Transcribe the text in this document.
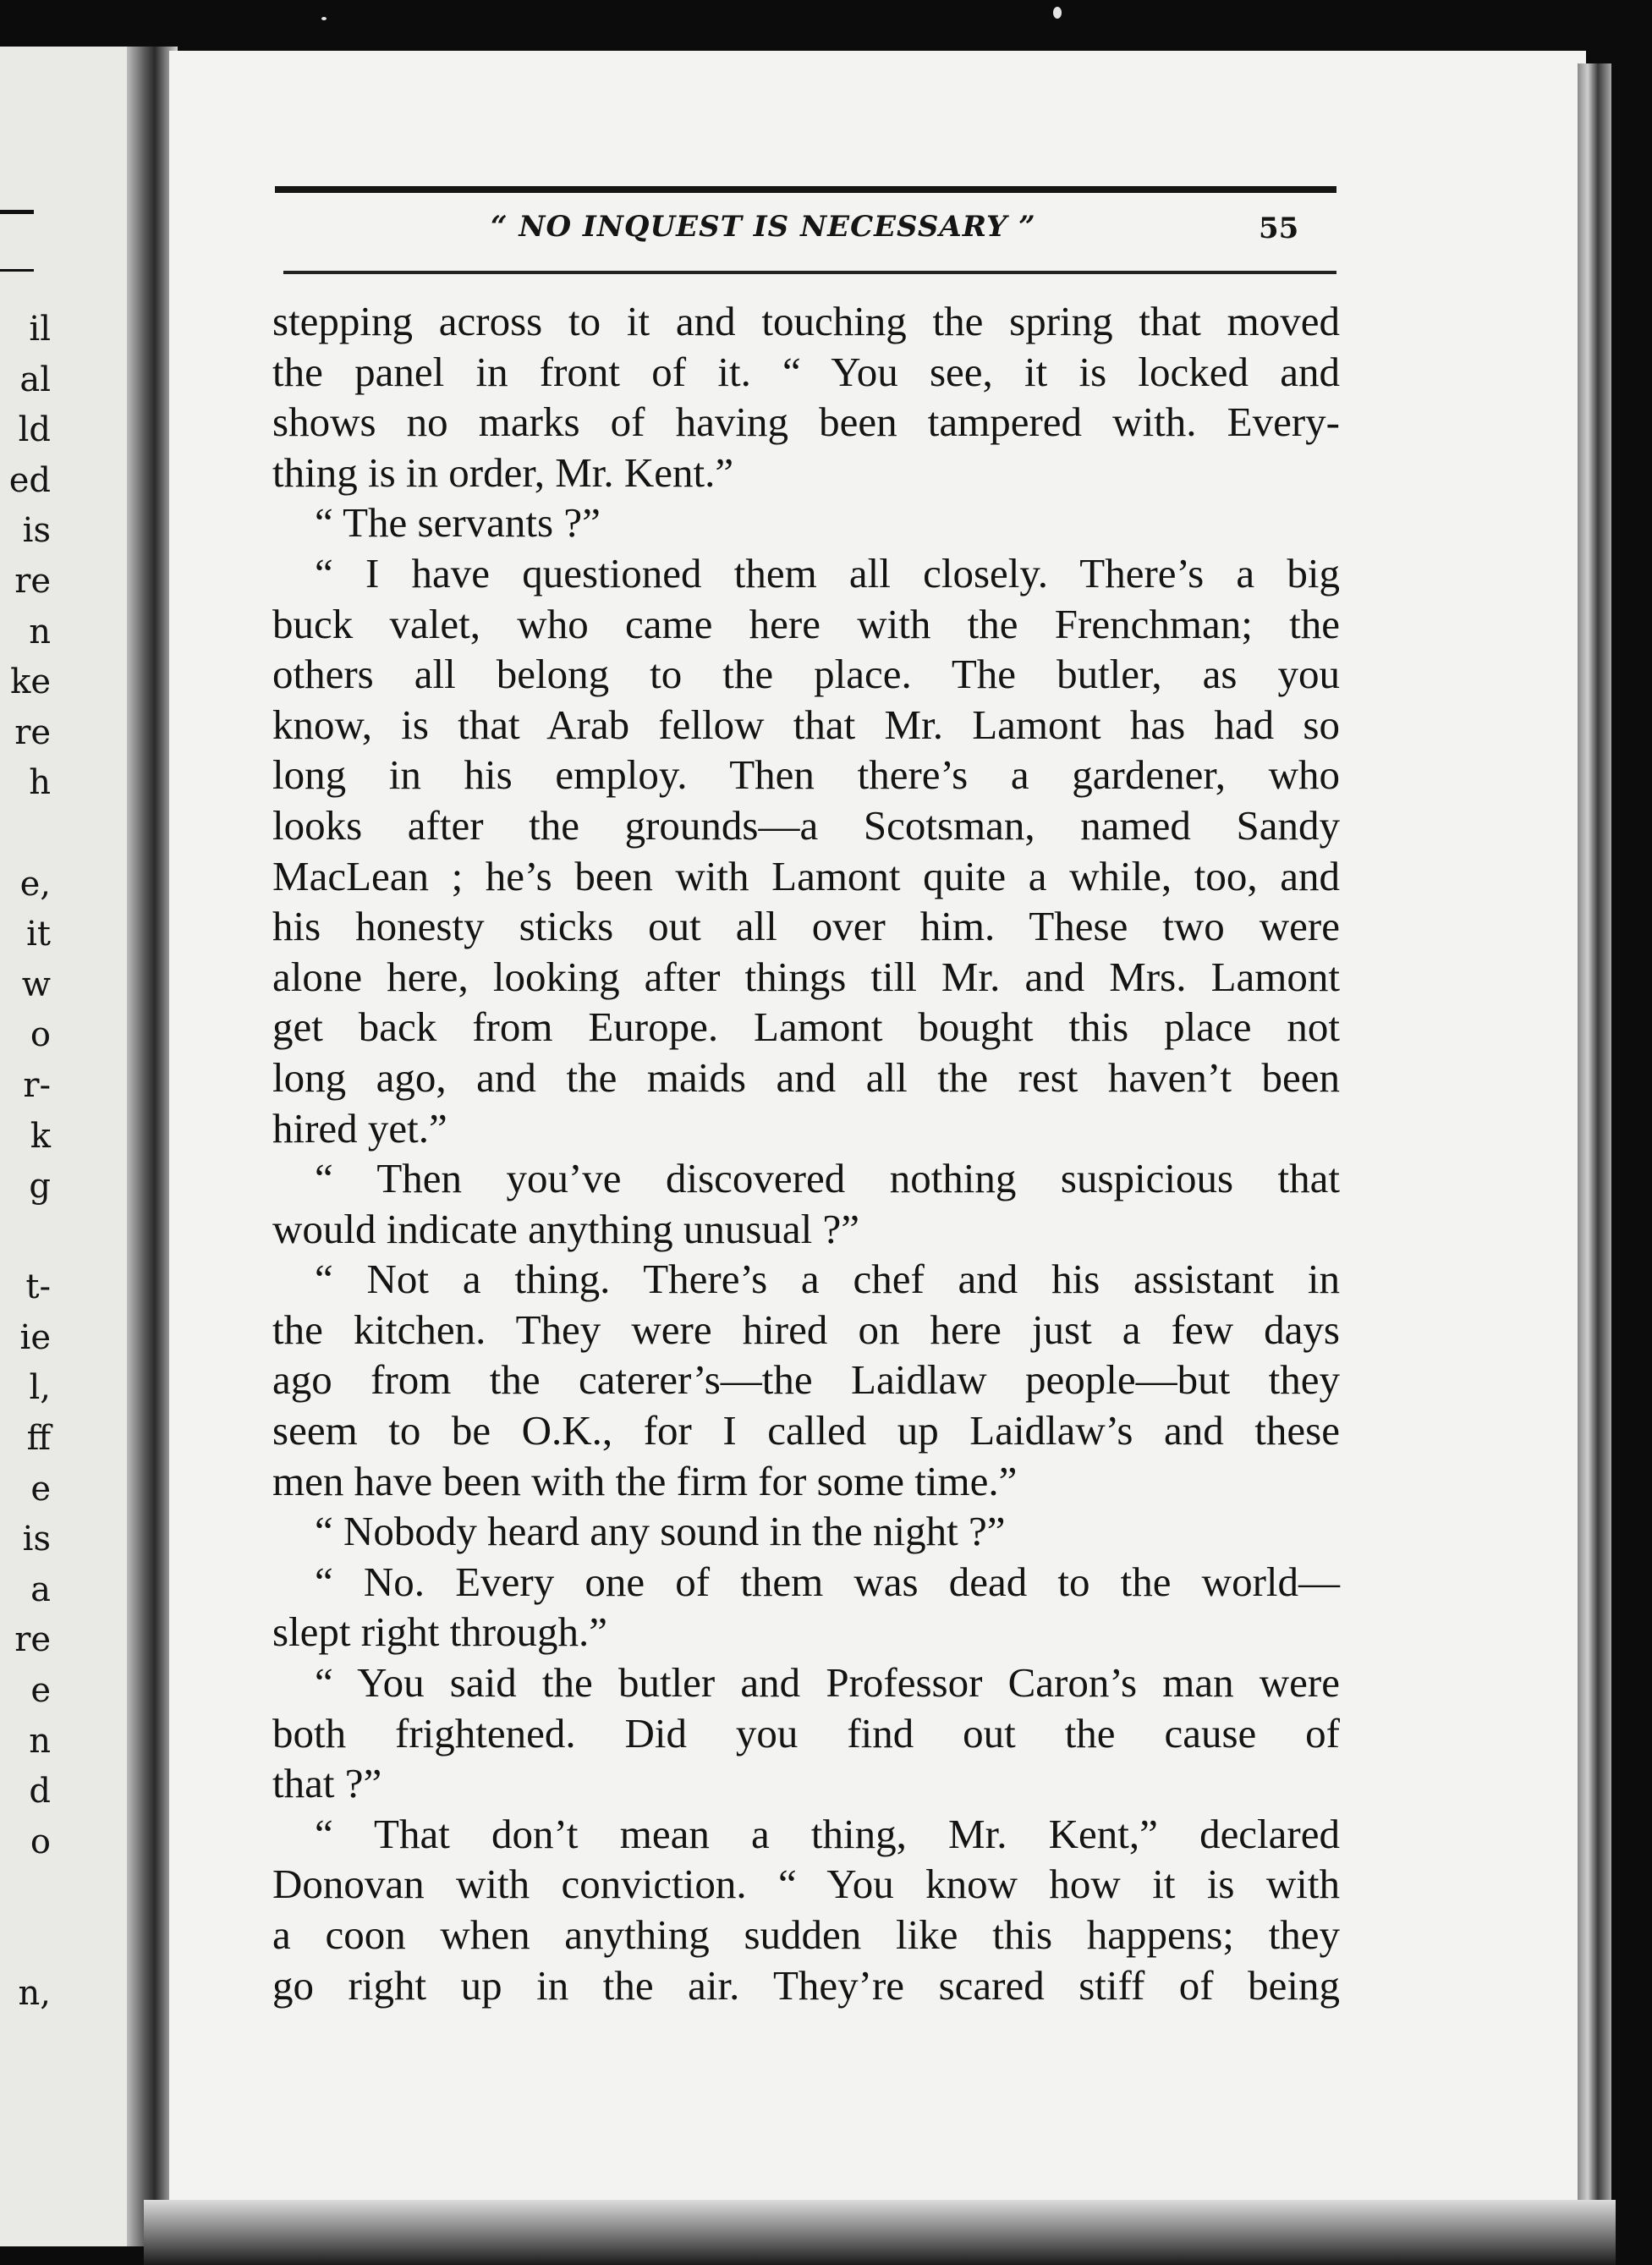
il
al
ld
ed
is
re
n
ke
re
h
e,
it
w
o
r-
k
g
t-
ie
l,
ff
e
is
a
re
e
n
d
o
n,
“ NO INQUEST IS NECESSARY ”	55
stepping across to it and touching the spring that moved
the panel in front of it. “ You see, it is locked and
shows no marks of having been tampered with. Every-
thing is in order, Mr. Kent.”
“ The servants ?”
“ I have questioned them all closely. There’s a big
buck valet, who came here with the Frenchman; the
others all belong to the place. The butler, as you
know, is that Arab fellow that Mr. Lamont has had so
long in his employ. Then there’s a gardener, who
looks after the grounds—a Scotsman, named Sandy
MacLean ; he’s been with Lamont quite a while, too, and
his honesty sticks out all over him. These two were
alone here, looking after things till Mr. and Mrs. Lamont
get back from Europe. Lamont bought this place not
long ago, and the maids and all the rest haven’t been
hired yet.”
“ Then you’ve discovered nothing suspicious that
would indicate anything unusual ?”
“ Not a thing. There’s a chef and his assistant in
the kitchen. They were hired on here just a few days
ago from the caterer’s—the Laidlaw people—but they
seem to be O.K., for I called up Laidlaw’s and these
men have been with the firm for some time.”
“ Nobody heard any sound in the night ?”
“ No. Every one of them was dead to the world—
slept right through.”
“ You said the butler and Professor Caron’s man were
both frightened. Did you find out the cause of
that ?”
“ That don’t mean a thing, Mr. Kent,” declared
Donovan with conviction. “ You know how it is with
a coon when anything sudden like this happens; they
go right up in the air. They’re scared stiff of being
